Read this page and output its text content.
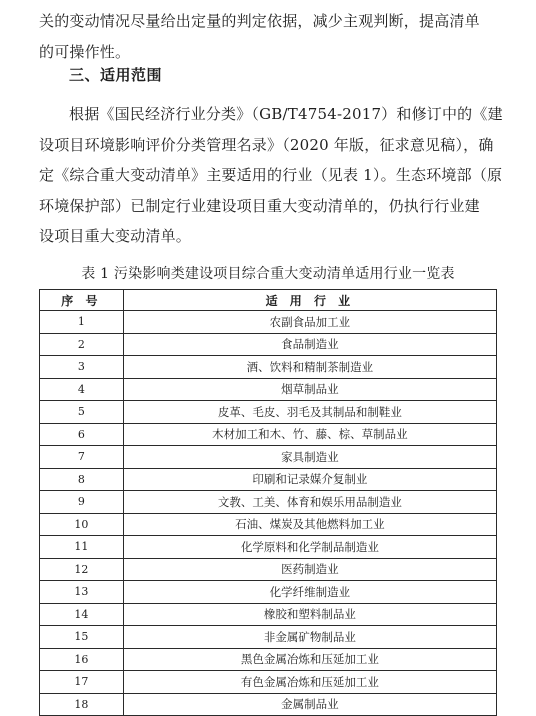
关的变动情况尽量给出定量的判定依据，减少主观判断，提高清单
的可操作性。

三、适用范围

根据《国民经济行业分类》（GB/T4754-2017）和修订中的《建
设项目环境影响评价分类管理名录》（2020 年版，征求意见稿），确
定《综合重大变动清单》主要适用的行业（见表 1）。生态环境部（原
环境保护部）已制定行业建设项目重大变动清单的，仍执行行业建
设项目重大变动清单。

表 1 污染影响类建设项目综合重大变动清单适用行业一览表

序 号	适 用 行 业
1	农副食品加工业
2	食品制造业
3	酒、饮料和精制茶制造业
4	烟草制品业
5	皮革、毛皮、羽毛及其制品和制鞋业
6	木材加工和木、竹、藤、棕、草制品业
7	家具制造业
8	印刷和记录媒介复制业
9	文教、工美、体育和娱乐用品制造业
10	石油、煤炭及其他燃料加工业
11	化学原料和化学制品制造业
12	医药制造业
13	化学纤维制造业
14	橡胶和塑料制品业
15	非金属矿物制品业
16	黑色金属冶炼和压延加工业
17	有色金属冶炼和压延加工业
18	金属制品业
